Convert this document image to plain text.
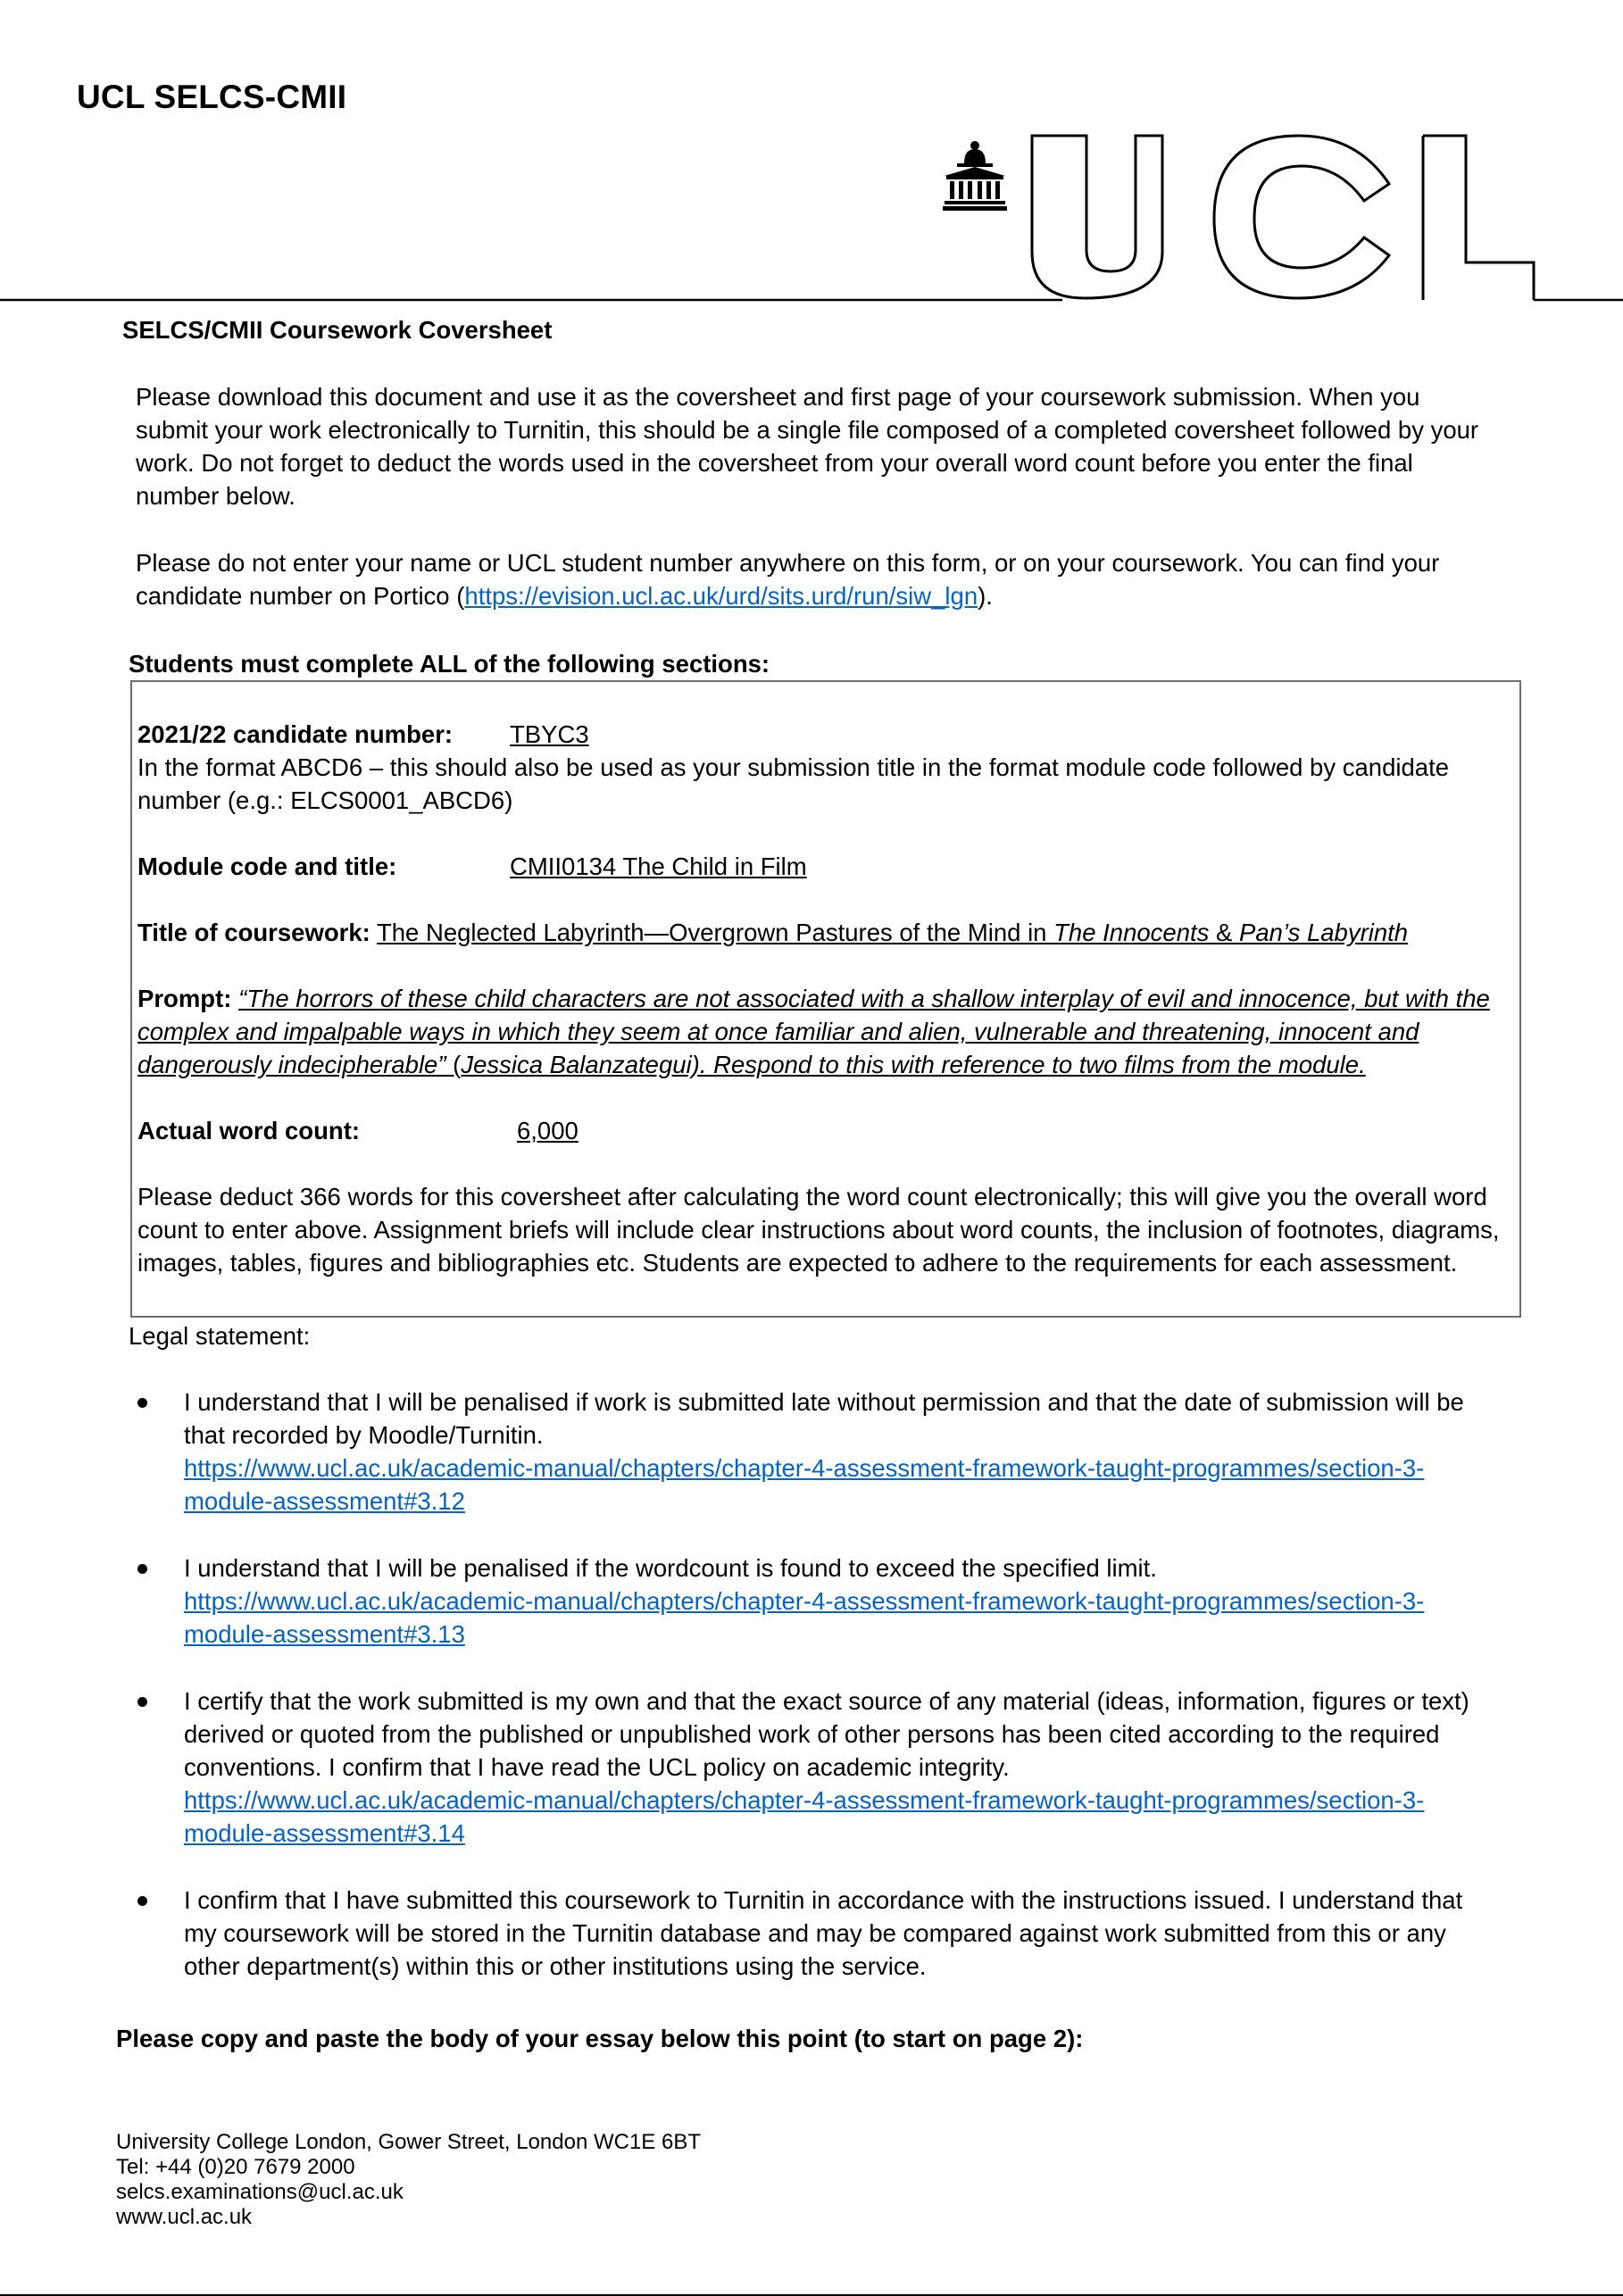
UCL SELCS-CMII
SELCS/CMII Coursework Coversheet

Please download this document and use it as the coversheet and first page of your coursework submission. When you submit your work electronically to Turnitin, this should be a single file composed of a completed coversheet followed by your work. Do not forget to deduct the words used in the coversheet from your overall word count before you enter the final number below.

Please do not enter your name or UCL student number anywhere on this form, or on your coursework. You can find your candidate number on Portico (https://evision.ucl.ac.uk/urd/sits.urd/run/siw_lgn).

Students must complete ALL of the following sections:
2021/22 candidate number: TBYC3

In the format ABCD6 – this should also be used as your submission title in the format module code followed by candidate number (e.g.: ELCS0001_ABCD6)

Module code and title:	CMII0134 The Child in Film
Title of coursework: The Neglected Labyrinth—Overgrown Pastures of the Mind in The Innocents & Pan’s Labyrinth

Prompt: “The horrors of these child characters are not associated with a shallow interplay of evil and innocence, but with the complex and impalpable ways in which they seem at once familiar and alien, vulnerable and threatening, innocent and dangerously indecipherable” (Jessica Balanzategui). Respond to this with reference to two films from the module.

Actual word count:	6,000

Please deduct 366 words for this coversheet after calculating the word count electronically; this will give you the overall word count to enter above. Assignment briefs will include clear instructions about word counts, the inclusion of footnotes, diagrams, images, tables, figures and bibliographies etc. Students are expected to adhere to the requirements for each assessment.

Legal statement:
I understand that I will be penalised if work is submitted late without permission and that the date of submission will be that recorded by Moodle/Turnitin.
https://www.ucl.ac.uk/academic-manual/chapters/chapter-4-assessment-framework-taught-programmes/section-3-module-assessment#3.12
I understand that I will be penalised if the wordcount is found to exceed the specified limit.
https://www.ucl.ac.uk/academic-manual/chapters/chapter-4-assessment-framework-taught-programmes/section-3-module-assessment#3.13
I certify that the work submitted is my own and that the exact source of any material (ideas, information, figures or text) derived or quoted from the published or unpublished work of other persons has been cited according to the required conventions. I confirm that I have read the UCL policy on academic integrity.
https://www.ucl.ac.uk/academic-manual/chapters/chapter-4-assessment-framework-taught-programmes/section-3-module-assessment#3.14
I confirm that I have submitted this coursework to Turnitin in accordance with the instructions issued. I understand that my coursework will be stored in the Turnitin database and may be compared against work submitted from this or any other department(s) within this or other institutions using the service.
Please copy and paste the body of your essay below this point (to start on page 2):
University College London, Gower Street, London WC1E 6BT
Tel: +44 (0)20 7679 2000
selcs.examinations@ucl.ac.uk
www.ucl.ac.uk
